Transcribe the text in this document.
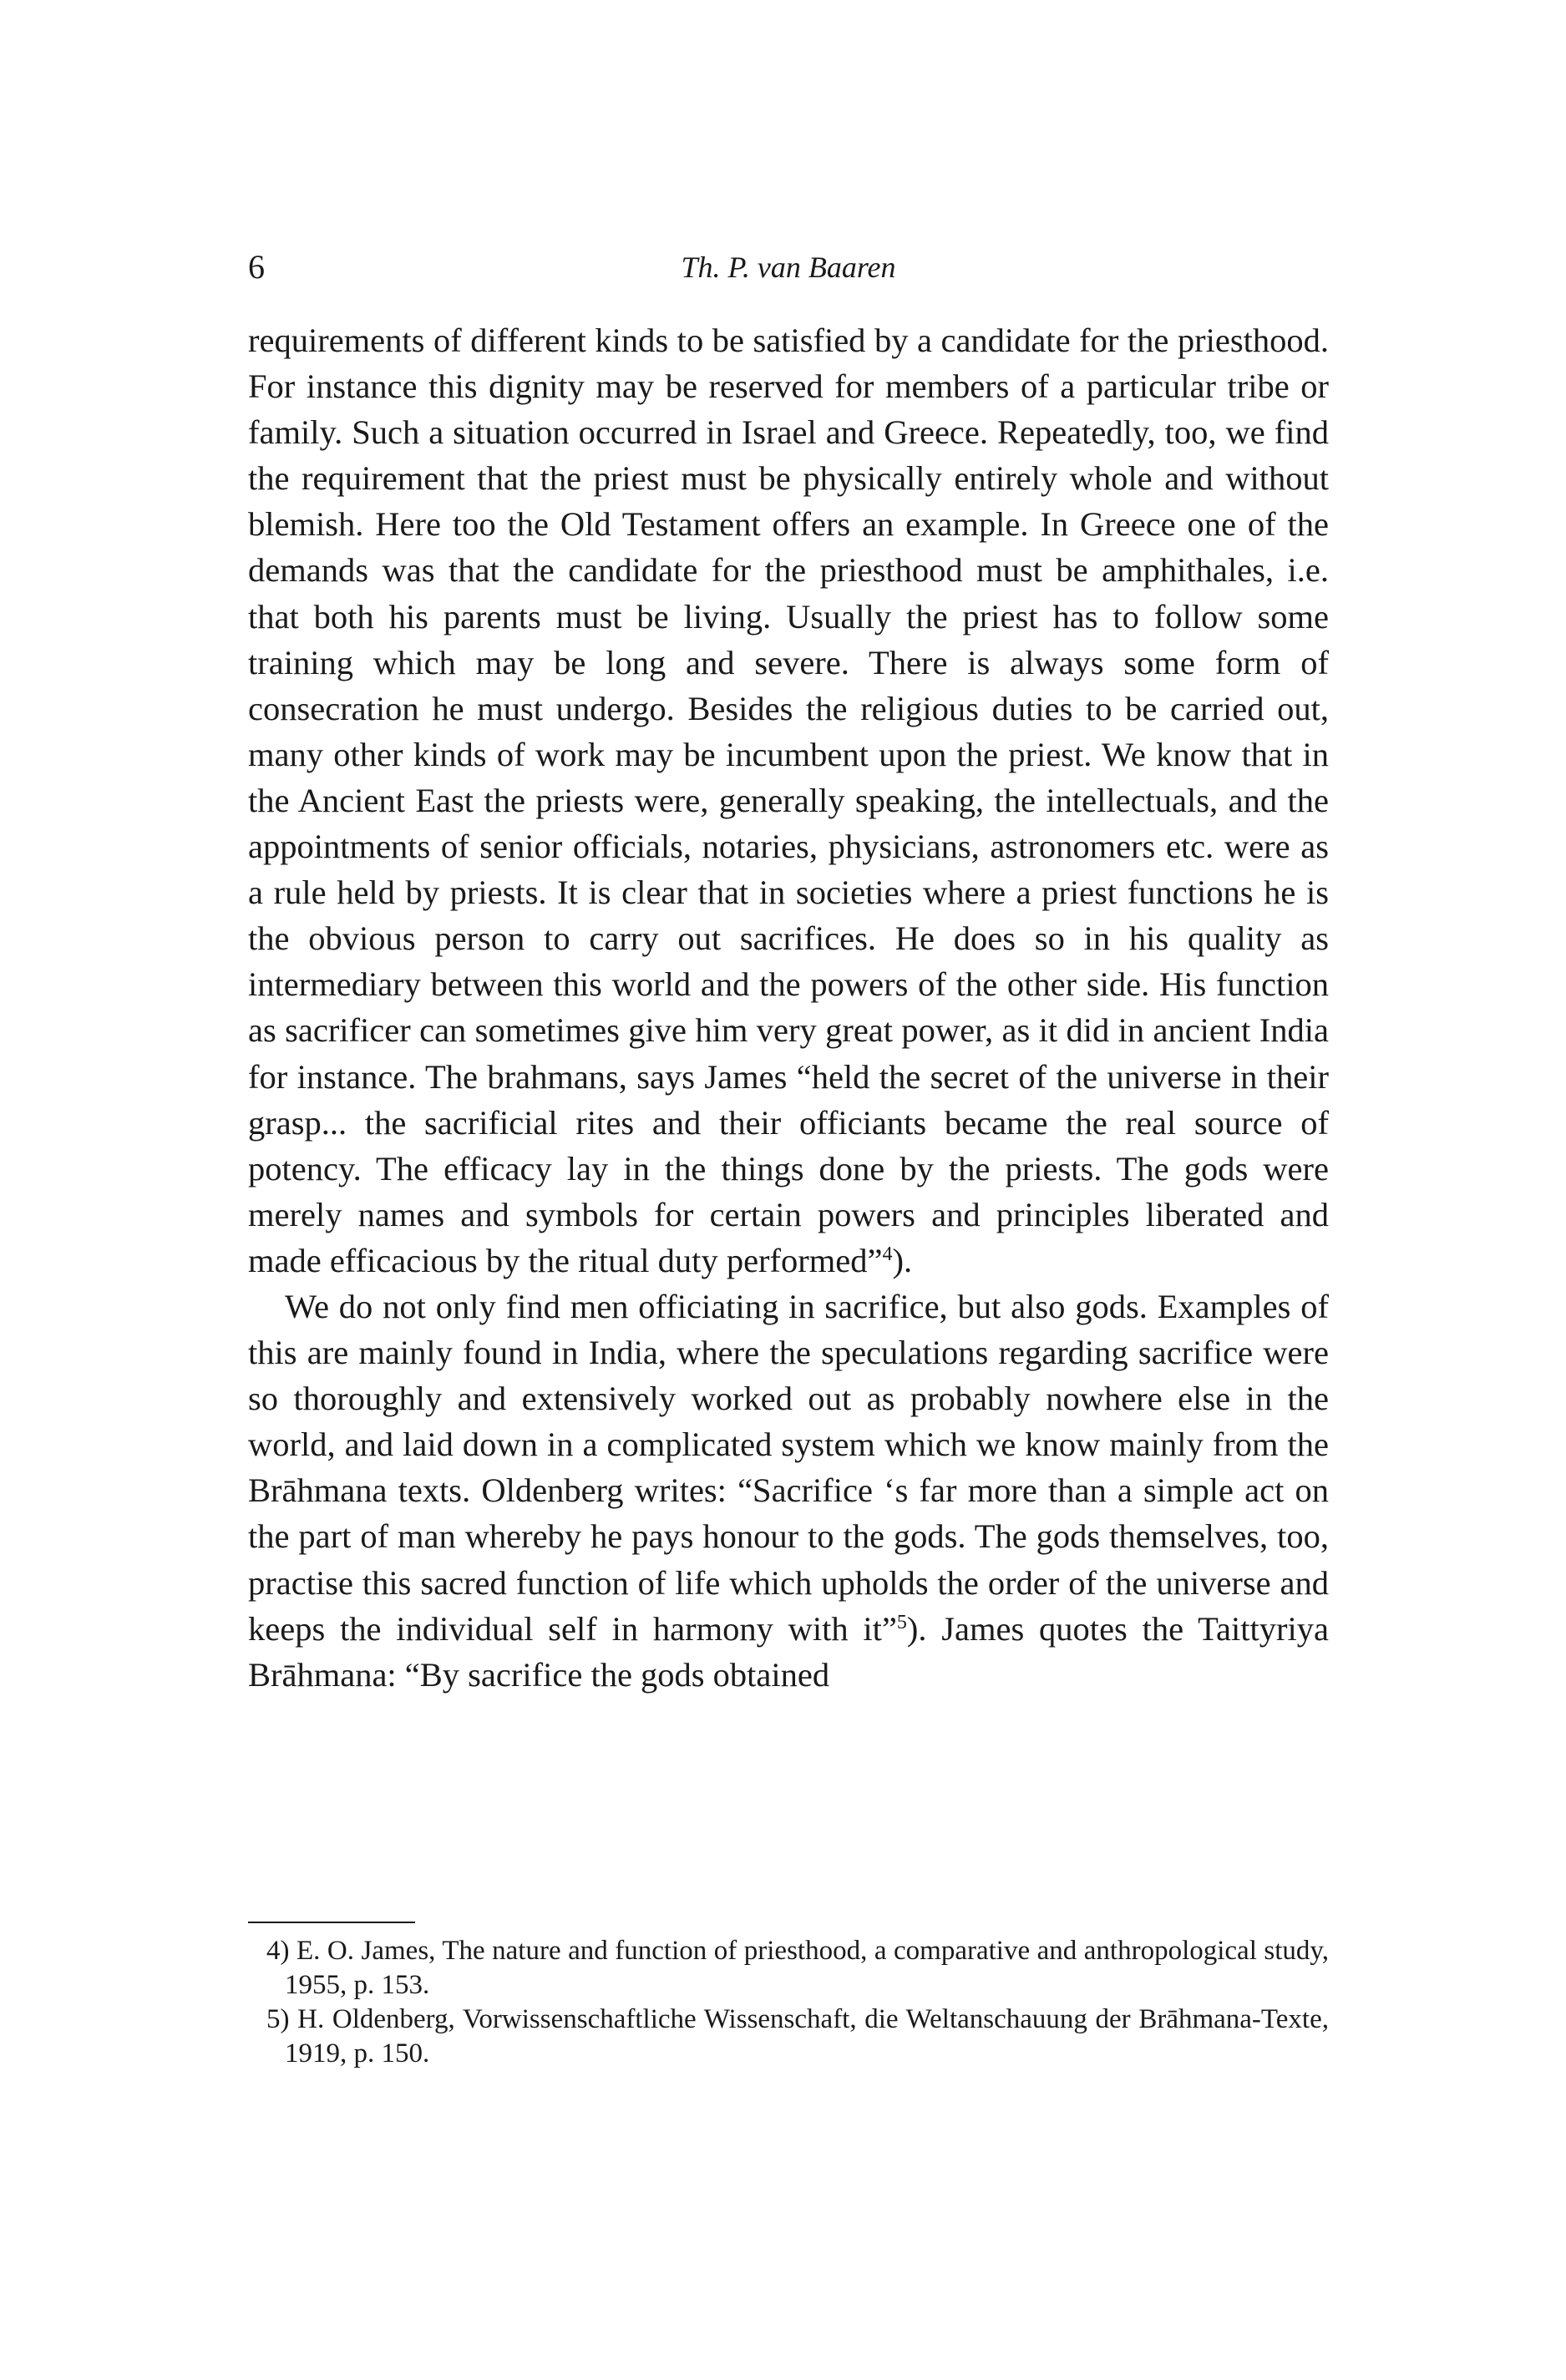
6	Th. P. van Baaren

requirements of different kinds to be satisfied by a candidate for the priesthood. For instance this dignity may be reserved for members of a particular tribe or family. Such a situation occurred in Israel and Greece. Repeatedly, too, we find the requirement that the priest must be physically entirely whole and without blemish. Here too the Old Testament offers an example. In Greece one of the demands was that the candidate for the priesthood must be amphithales, i.e. that both his parents must be living. Usually the priest has to follow some training which may be long and severe. There is always some form of consecration he must undergo. Besides the religious duties to be carried out, many other kinds of work may be incumbent upon the priest. We know that in the Ancient East the priests were, generally speaking, the intellectuals, and the appointments of senior officials, notaries, physicians, astronomers etc. were as a rule held by priests. It is clear that in societies where a priest functions he is the obvious person to carry out sacrifices. He does so in his quality as intermediary between this world and the powers of the other side. His function as sacrificer can sometimes give him very great power, as it did in ancient India for instance. The brahmans, says James “held the secret of the universe in their grasp... the sacrificial rites and their officiants became the real source of potency. The efficacy lay in the things done by the priests. The gods were merely names and symbols for certain powers and principles liberated and made efficacious by the ritual duty performed”$^4$).

We do not only find men officiating in sacrifice, but also gods. Examples of this are mainly found in India, where the speculations regarding sacrifice were so thoroughly and extensively worked out as probably nowhere else in the world, and laid down in a complicated system which we know mainly from the Brāhmana texts. Oldenberg writes: “Sacrifice ‘s far more than a simple act on the part of man whereby he pays honour to the gods. The gods themselves, too, practise this sacred function of life which upholds the order of the universe and keeps the individual self in harmony with it”$^5$). James quotes the Taittyriya Brāhmana: “By sacrifice the gods obtained

4) E. O. James, The nature and function of priesthood, a comparative and anthropological study, 1955, p. 153.

5) H. Oldenberg, Vorwissenschaftliche Wissenschaft, die Weltanschauung der Brāhmana-Texte, 1919, p. 150.
